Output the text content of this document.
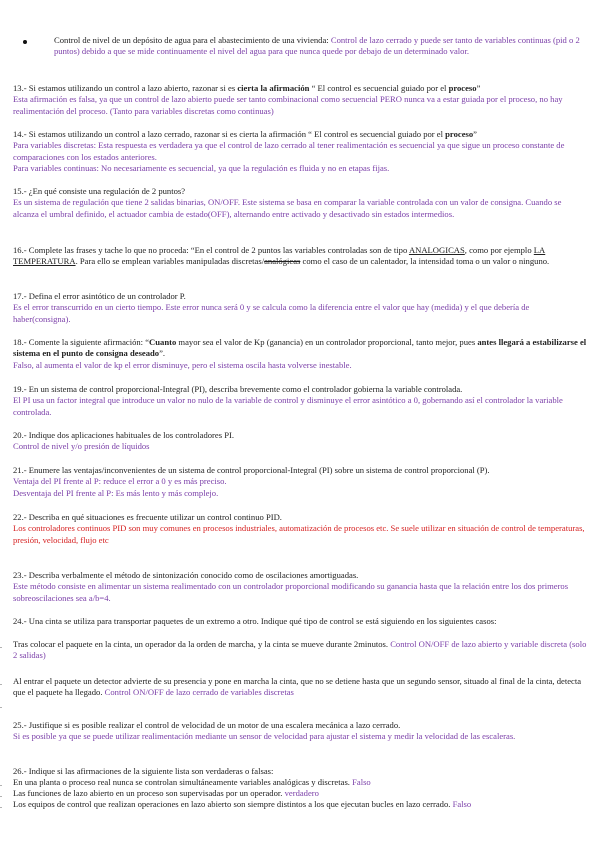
Control de nivel de un depósito de agua para el abastecimiento de una vivienda: Control de lazo cerrado y puede ser tanto de variables continuas (pid o 2 puntos) debido a que se mide continuamente el nivel del agua para que nunca quede por debajo de un determinado valor.

13.- Si estamos utilizando un control a lazo abierto, razonar si es cierta la afirmación “ El control es secuencial guiado por el proceso”

Esta afirmación es falsa, ya que un control de lazo abierto puede ser tanto combinacional como secuencial PERO nunca va a estar guiada por el proceso, no hay realimentación del proceso. (Tanto para variables discretas como continuas)

14.- Si estamos utilizando un control a lazo cerrado, razonar si es cierta la afirmación “ El control es secuencial guiado por el proceso”

Para variables discretas: Esta respuesta es verdadera ya que el control de lazo cerrado al tener realimentación es secuencial ya que sigue un proceso constante de comparaciones con los estados anteriores.

Para variables continuas: No necesariamente es secuencial, ya que la regulación es fluida y no en etapas fijas.

15.- ¿En qué consiste una regulación de 2 puntos?

Es un sistema de regulación que tiene 2 salidas binarias, ON/OFF. Este sistema se basa en comparar la variable controlada con un valor de consigna. Cuando se alcanza el umbral definido, el actuador cambia de estado(OFF), alternando entre activado y desactivado sin estados intermedios.

16.- Complete las frases y tache lo que no proceda: “En el control de 2 puntos las variables controladas son de tipo ANALOGICAS, como por ejemplo LA TEMPERATURA. Para ello se emplean variables manipuladas discretas/analógicas como el caso de un calentador, la intensidad toma o un valor o ninguno.

17.- Defina el error asintótico de un controlador P.

Es el error transcurrido en un cierto tiempo. Este error nunca será 0 y se calcula como la diferencia entre el valor que hay (medida) y el que debería de haber(consigna).

18.- Comente la siguiente afirmación: “Cuanto mayor sea el valor de Kp (ganancia) en un controlador proporcional, tanto mejor, pues antes llegará a estabilizarse el sistema en el punto de consigna deseado”.

Falso, al aumenta el valor de kp el error disminuye, pero el sistema oscila hasta volverse inestable.

19.- En un sistema de control proporcional-Integral (PI), describa brevemente como el controlador gobierna la variable controlada.

El PI usa un factor integral que introduce un valor no nulo de la variable de control y disminuye el error asintótico a 0, gobernando así el controlador la variable controlada.

20.- Indique dos aplicaciones habituales de los controladores PI.

Control de nivel y/o presión de líquidos

21.- Enumere las ventajas/inconvenientes de un sistema de control proporcional-Integral (PI) sobre un sistema de control proporcional (P).

Ventaja del PI frente al P: reduce el error a 0 y es más preciso.

Desventaja del PI frente al P: Es más lento y más complejo.

22.- Describa en qué situaciones es frecuente utilizar un control continuo PID.

Los controladores continuos PID son muy comunes en procesos industriales, automatización de procesos etc. Se suele utilizar en situación de control de temperaturas, presión, velocidad, flujo etc

23.- Describa verbalmente el método de sintonización conocido como de oscilaciones amortiguadas.

Este método consiste en alimentar un sistema realimentado con un controlador proporcional modificando su ganancia hasta que la relación entre los dos primeros sobreoscilaciones sea a/b=4.

24.- Una cinta se utiliza para transportar paquetes de un extremo a otro. Indique qué tipo de control se está siguiendo en los siguientes casos:

. Tras colocar el paquete en la cinta, un operador da la orden de marcha, y la cinta se mueve durante 2minutos. Control ON/OFF de lazo abierto y variable discreta (solo 2 salidas)
. Al entrar el paquete un detector advierte de su presencia y pone en marcha la cinta, que no se detiene hasta que un segundo sensor, situado al final de la cinta, detecta que el paquete ha llegado. Control ON/OFF de lazo cerrado de variables discretas
.

25.- Justifique si es posible realizar el control de velocidad de un motor de una escalera mecánica a lazo cerrado.

Si es posible ya que se puede utilizar realimentación mediante un sensor de velocidad para ajustar el sistema y medir la velocidad de las escaleras.

26.- Indique si las afirmaciones de la siguiente lista son verdaderas o falsas:

. En una planta o proceso real nunca se controlan simultáneamente variables analógicas y discretas. Falso
. Las funciones de lazo abierto en un proceso son supervisadas por un operador. verdadero
. Los equipos de control que realizan operaciones en lazo abierto son siempre distintos a los que ejecutan bucles en lazo cerrado. Falso
